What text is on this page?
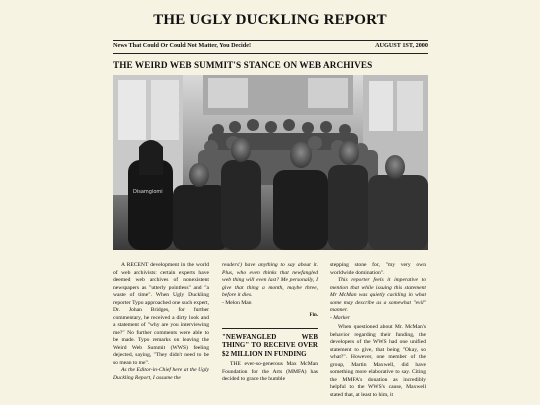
THE UGLY DUCKLING REPORT
News That Could Or Could Not Matter, You Decide!	AUGUST 1ST, 2000
THE WEIRD WEB SUMMIT'S STANCE ON WEB ARCHIVES
Disamgiomi

A RECENT development in the world of web archivists: certain experts have deemed web archives of nonexistent newspapers as "utterly pointless" and "a waste of time". When Ugly Duckling reporter Typo approached one such expert, Dr. Johan Bridges, for further commentary, he received a dirty look and a statement of "why are you interviewing me?" No further comments were able to be made. Typo remarks on leaving the Weird Web Summit (WWS) feeling dejected, saying, "They didn't need to be so mean to me".

As the Editor-in-Chief here at the Ugly Duckling Report, I assume the

readers') have anything to say about it. Plus, who even thinks that newfangled web thing will even last? Me personally, I give that thing a month, maybe three, before it dies.

- Melon Man

Fin.
"NEWFANGLED WEB THING" TO RECEIVE OVER $2 MILLION IN FUNDING

THE ever-so-generous Max McMan Foundation for the Arts (MMFA) has decided to grace the humble

stepping stone for, "my very own worldwide domination".

This reporter feels it imperative to mention that while issuing this statement Mr McMan was quietly cackling in what some may describe as a somewhat "evil" manner.

- Marker

When questioned about Mr. McMan's behavior regarding their funding, the developers of the WWS had one unified statement to give, that being "Okay, so what?". However, one member of the group, Martin Maxwell, did have something more elaborative to say. Citing the MMFA's donation as incredibly helpful to the WWS's cause, Maxwell stated that, at least to him, it
